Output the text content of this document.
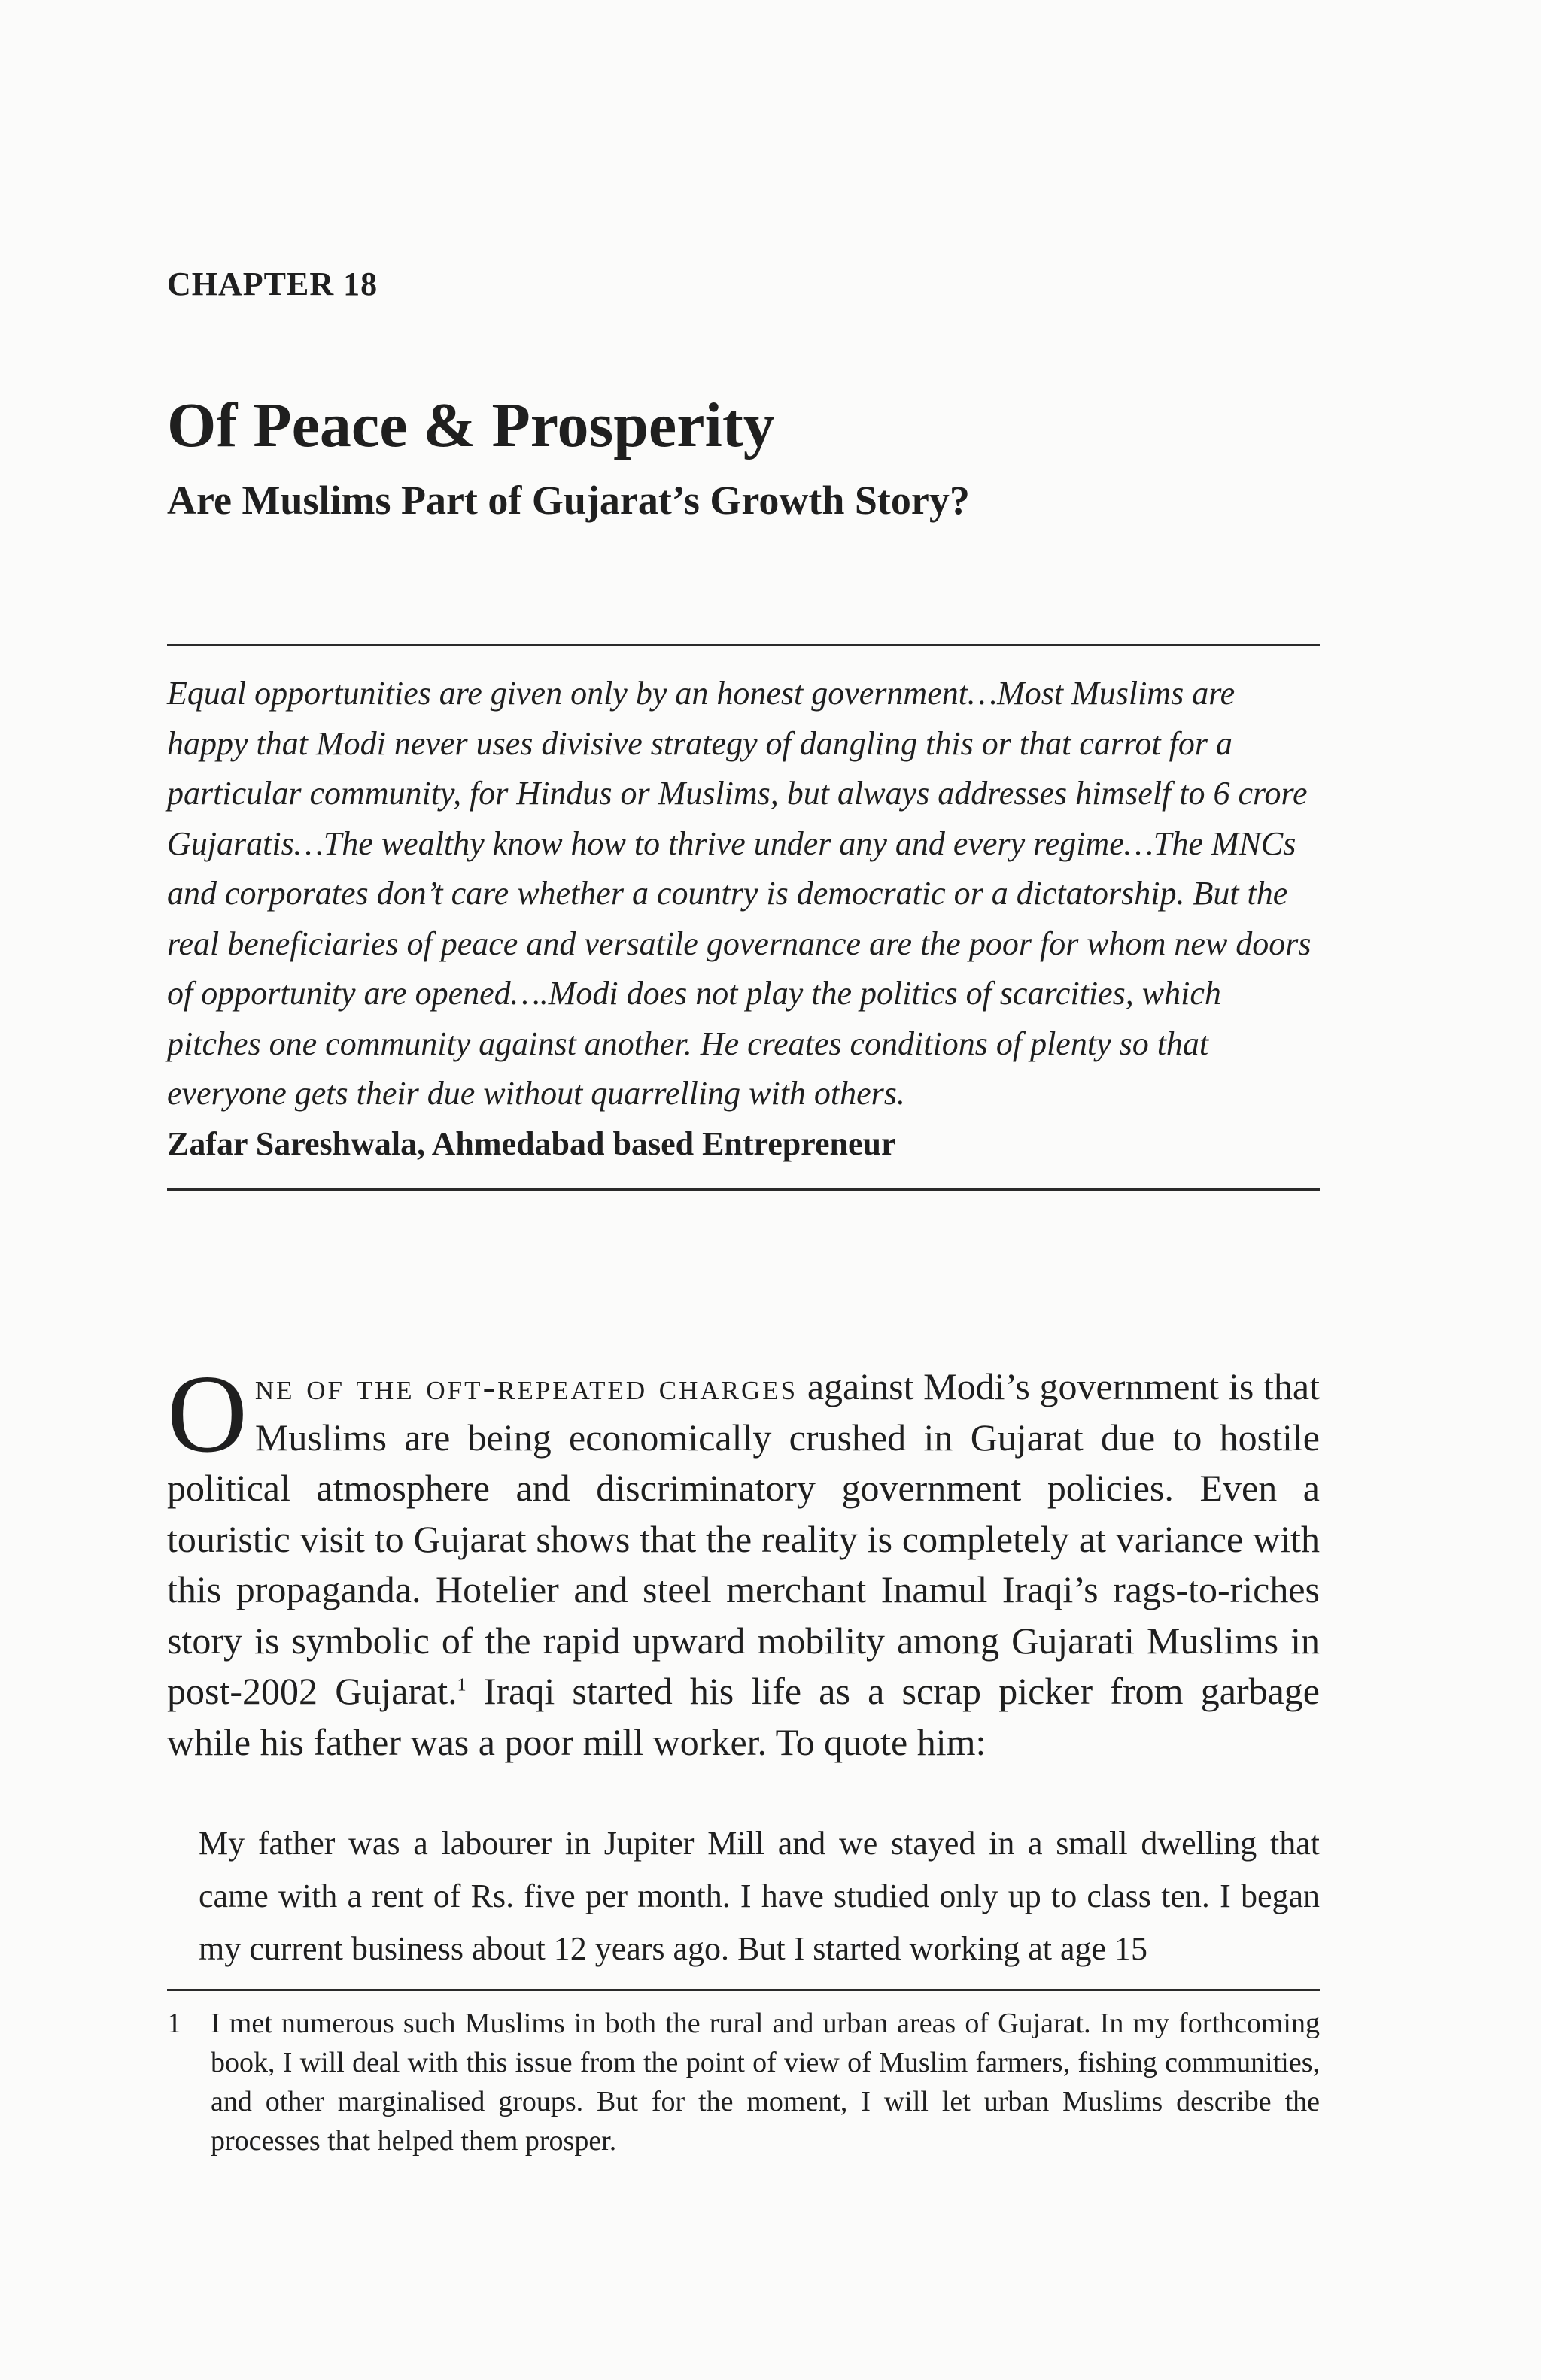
CHAPTER 18
Of Peace & Prosperity
Are Muslims Part of Gujarat’s Growth Story?

Equal opportunities are given only by an honest government…Most Muslims are happy that Modi never uses divisive strategy of dangling this or that carrot for a particular community, for Hindus or Muslims, but always addresses himself to 6 crore Gujaratis…The wealthy know how to thrive under any and every regime…The MNCs and corporates don’t care whether a country is democratic or a dictatorship. But the real beneficiaries of peace and versatile governance are the poor for whom new doors of opportunity are opened….Modi does not play the politics of scarcities, which pitches one community against another. He creates conditions of plenty so that everyone gets their due without quarrelling with others.

Zafar Sareshwala, Ahmedabad based Entrepreneur

One of the oft-repeated charges against Modi’s government is that Muslims are being economically crushed in Gujarat due to hostile political atmosphere and discriminatory government policies. Even a touristic visit to Gujarat shows that the reality is completely at variance with this propaganda. Hotelier and steel merchant Inamul Iraqi’s rags-to-riches story is symbolic of the rapid upward mobility among Gujarati Muslims in post-2002 Gujarat.$^1$ Iraqi started his life as a scrap picker from garbage while his father was a poor mill worker. To quote him:

My father was a labourer in Jupiter Mill and we stayed in a small dwelling that came with a rent of Rs. five per month. I have studied only up to class ten. I began my current business about 12 years ago. But I started working at age 15

1 I met numerous such Muslims in both the rural and urban areas of Gujarat. In my forthcoming book, I will deal with this issue from the point of view of Muslim farmers, fishing communities, and other marginalised groups. But for the moment, I will let urban Muslims describe the processes that helped them prosper.
